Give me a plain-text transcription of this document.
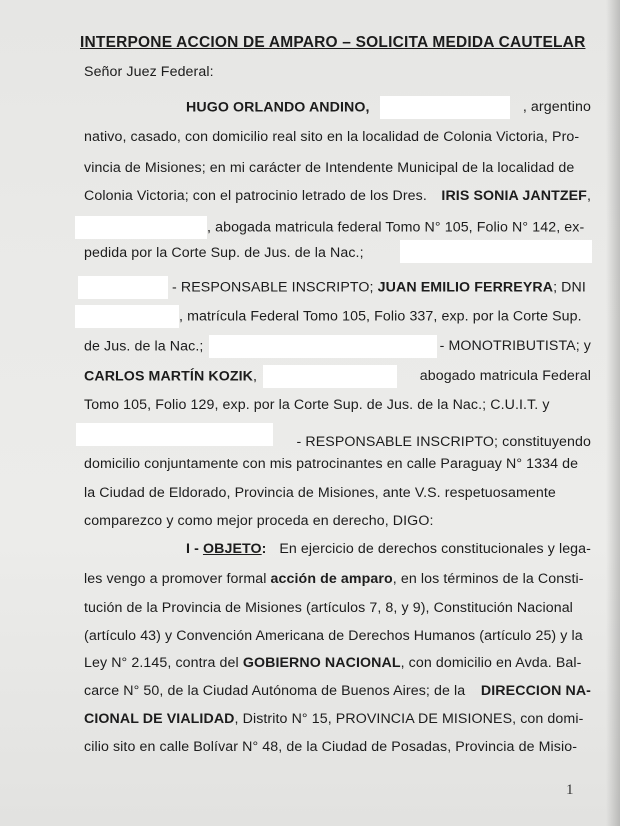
INTERPONE ACCION DE AMPARO – SOLICITA MEDIDA CAUTELAR
Señor Juez Federal:
HUGO ORLANDO ANDINO,	, argentino
nativo, casado, con domicilio real sito en la localidad de Colonia Victoria, Pro-
vincia de Misiones; en mi carácter de Intendente Municipal de la localidad de
Colonia Victoria; con el patrocinio letrado de los Dres. IRIS SONIA JANTZEF,
, abogada matricula federal Tomo N° 105, Folio N° 142, ex-
pedida por la Corte Sup. de Jus. de la Nac.;
- RESPONSABLE INSCRIPTO; JUAN EMILIO FERREYRA; DNI
, matrícula Federal Tomo 105, Folio 337, exp. por la Corte Sup.
de Jus. de la Nac.;	- MONOTRIBUTISTA; y
CARLOS MARTÍN KOZIK,	abogado matricula Federal
Tomo 105, Folio 129, exp. por la Corte Sup. de Jus. de la Nac.; C.U.I.T. y
- RESPONSABLE INSCRIPTO; constituyendo
domicilio conjuntamente con mis patrocinantes en calle Paraguay N° 1334 de
la Ciudad de Eldorado, Provincia de Misiones, ante V.S. respetuosamente
comparezco y como mejor proceda en derecho, DIGO:
I - OBJETO: En ejercicio de derechos constitucionales y lega-
les vengo a promover formal acción de amparo, en los términos de la Consti-
tución de la Provincia de Misiones (artículos 7, 8, y 9), Constitución Nacional
(artículo 43) y Convención Americana de Derechos Humanos (artículo 25) y la
Ley N° 2.145, contra del GOBIERNO NACIONAL, con domicilio en Avda. Bal-
carce N° 50, de la Ciudad Autónoma de Buenos Aires; de la DIRECCION NA-
CIONAL DE VIALIDAD, Distrito N° 15, PROVINCIA DE MISIONES, con domi-
cilio sito en calle Bolívar N° 48, de la Ciudad de Posadas, Provincia de Misio-
1
